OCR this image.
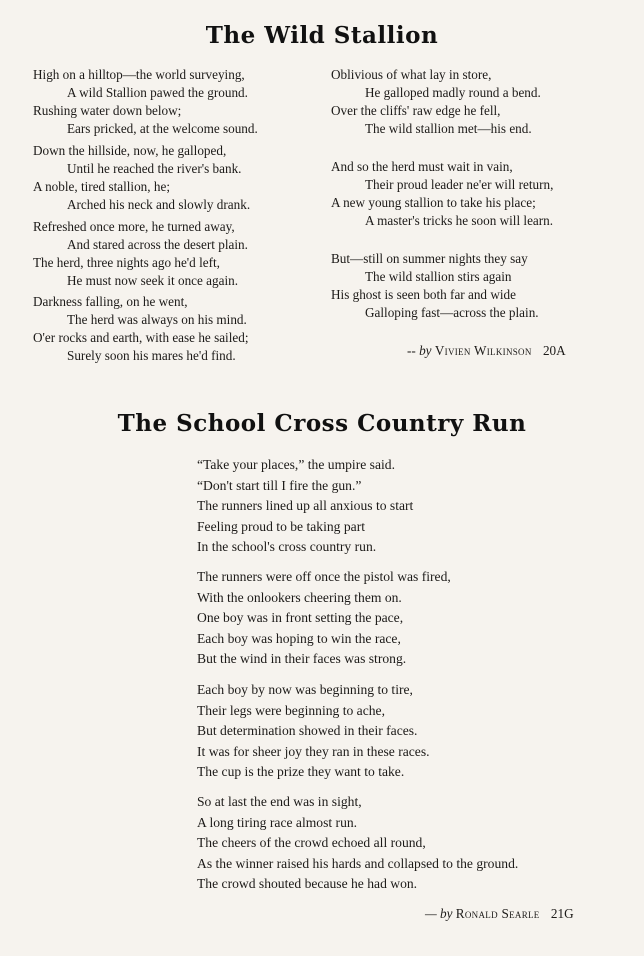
The Wild Stallion
High on a hilltop—the world surveying,
A wild Stallion pawed the ground.
Rushing water down below;
Ears pricked, at the welcome sound.
Down the hillside, now, he galloped,
Until he reached the river's bank.
A noble, tired stallion, he;
Arched his neck and slowly drank.
Refreshed once more, he turned away,
And stared across the desert plain.
The herd, three nights ago he'd left,
He must now seek it once again.
Darkness falling, on he went,
The herd was always on his mind.
O'er rocks and earth, with ease he sailed;
Surely soon his mares he'd find.
Oblivious of what lay in store,
He galloped madly round a bend.
Over the cliffs' raw edge he fell,
The wild stallion met—his end.
And so the herd must wait in vain,
Their proud leader ne'er will return,
A new young stallion to take his place;
A master's tricks he soon will learn.
But—still on summer nights they say
The wild stallion stirs again
His ghost is seen both far and wide
Galloping fast—across the plain.
-- by Vivien Wilkinson 20A
The School Cross Country Run
“Take your places,” the umpire said.
“Don't start till I fire the gun.”
The runners lined up all anxious to start
Feeling proud to be taking part
In the school's cross country run.
The runners were off once the pistol was fired,
With the onlookers cheering them on.
One boy was in front setting the pace,
Each boy was hoping to win the race,
But the wind in their faces was strong.
Each boy by now was beginning to tire,
Their legs were beginning to ache,
But determination showed in their faces.
It was for sheer joy they ran in these races.
The cup is the prize they want to take.
So at last the end was in sight,
A long tiring race almost run.
The cheers of the crowd echoed all round,
As the winner raised his hards and collapsed to the ground.
The crowd shouted because he had won.
— by Ronald Searle 21G
